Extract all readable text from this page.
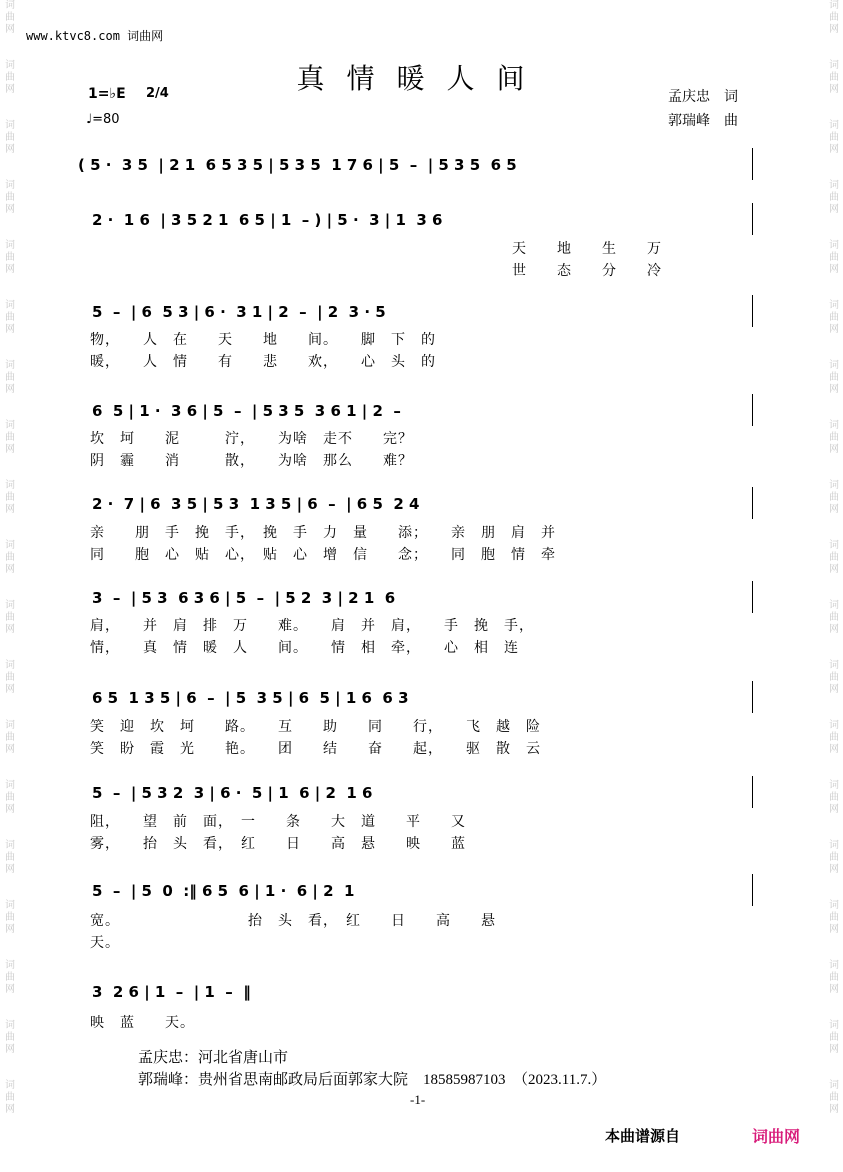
词
曲
网

词
曲
网

词
曲
网

词
曲
网

词
曲
网

词
曲
网

词
曲
网

词
曲
网

词
曲
网

词
曲
网

词
曲
网

词
曲
网

词
曲
网

词
曲
网

词
曲
网

词
曲
网

词
曲
网

词
曲
网

词
曲
网
词
曲
网

词
曲
网

词
曲
网

词
曲
网

词
曲
网

词
曲
网

词
曲
网

词
曲
网

词
曲
网

词
曲
网

词
曲
网

词
曲
网

词
曲
网

词
曲
网

词
曲
网

词
曲
网

词
曲
网

词
曲
网

词
曲
网
www.ktvc8.com 词曲网
真情暖人间
1=♭E 2/4
♩=80
孟庆忠　词
郭瑞峰　曲
( 5 ·  3 5  | 2 1  6 5 3 5 | 5 3 5  1 7 6 | 5  –  | 5 3 5  6 5
2 ·  1 6  | 3 5 2 1  6 5 | 1  – ) | 5 ·  3 | 1  3 6
天　　地　　生　　万
世　　态　　分　　冷
5  –  | 6  5 3 | 6 ·  3 1 | 2  –  | 2  3 · 5
物，　　人　在　　天　　地　　间。　　脚　下　的
暖，　　人　情　　有　　悲　　欢，　　心　头　的
6  5 | 1 ·  3 6 | 5  –  | 5 3 5  3 6 1 | 2  –
坎　坷　　泥　　　泞，　　为啥　走不　　完？
阴　霾　　消　　　散，　　为啥　那么　　难？
2 ·  7 | 6  3 5 | 5 3  1 3 5 | 6  –  | 6 5  2 4
亲　　朋　手　挽　手，　挽　手　力　量　　添；　　亲　朋　肩　并
同　　胞　心　贴　心，　贴　心　增　信　　念；　　同　胞　情　牵
3  –  | 5 3  6 3 6 | 5  –  | 5 2  3 | 2 1  6
肩，　　并　肩　排　万　　难。　　肩　并　肩，　　手　挽　手，
情，　　真　情　暖　人　　间。　　情　相　牵，　　心　相　连
6 5  1 3 5 | 6  –  | 5  3 5 | 6  5 | 1 6  6 3
笑　迎　坎　坷　　路。　　互　　助　　同　　行，　　飞　越　险
笑　盼　霞　光　　艳。　　团　　结　　奋　　起，　　驱　散　云
5  –  | 5 3 2  3 | 6 ·  5 | 1  6 | 2  1 6
阻，　　望　前　面，　一　　条　　大　道　　平　　又
雾，　　抬　头　看，　红　　日　　高　悬　　映　　蓝
5  –  | 5  0  :‖ 6 5  6 | 1 ·  6 | 2  1
宽。　　　　　　　　　抬　头　看，　红　　日　　高　　悬
天。
3  2 6 | 1  –  | 1  –  ‖
映　蓝　　天。
孟庆忠：河北省唐山市
郭瑞峰：贵州省思南邮政局后面郭家大院　18585987103　（2023.11.7.）
-1-
本曲谱源自	词曲网
